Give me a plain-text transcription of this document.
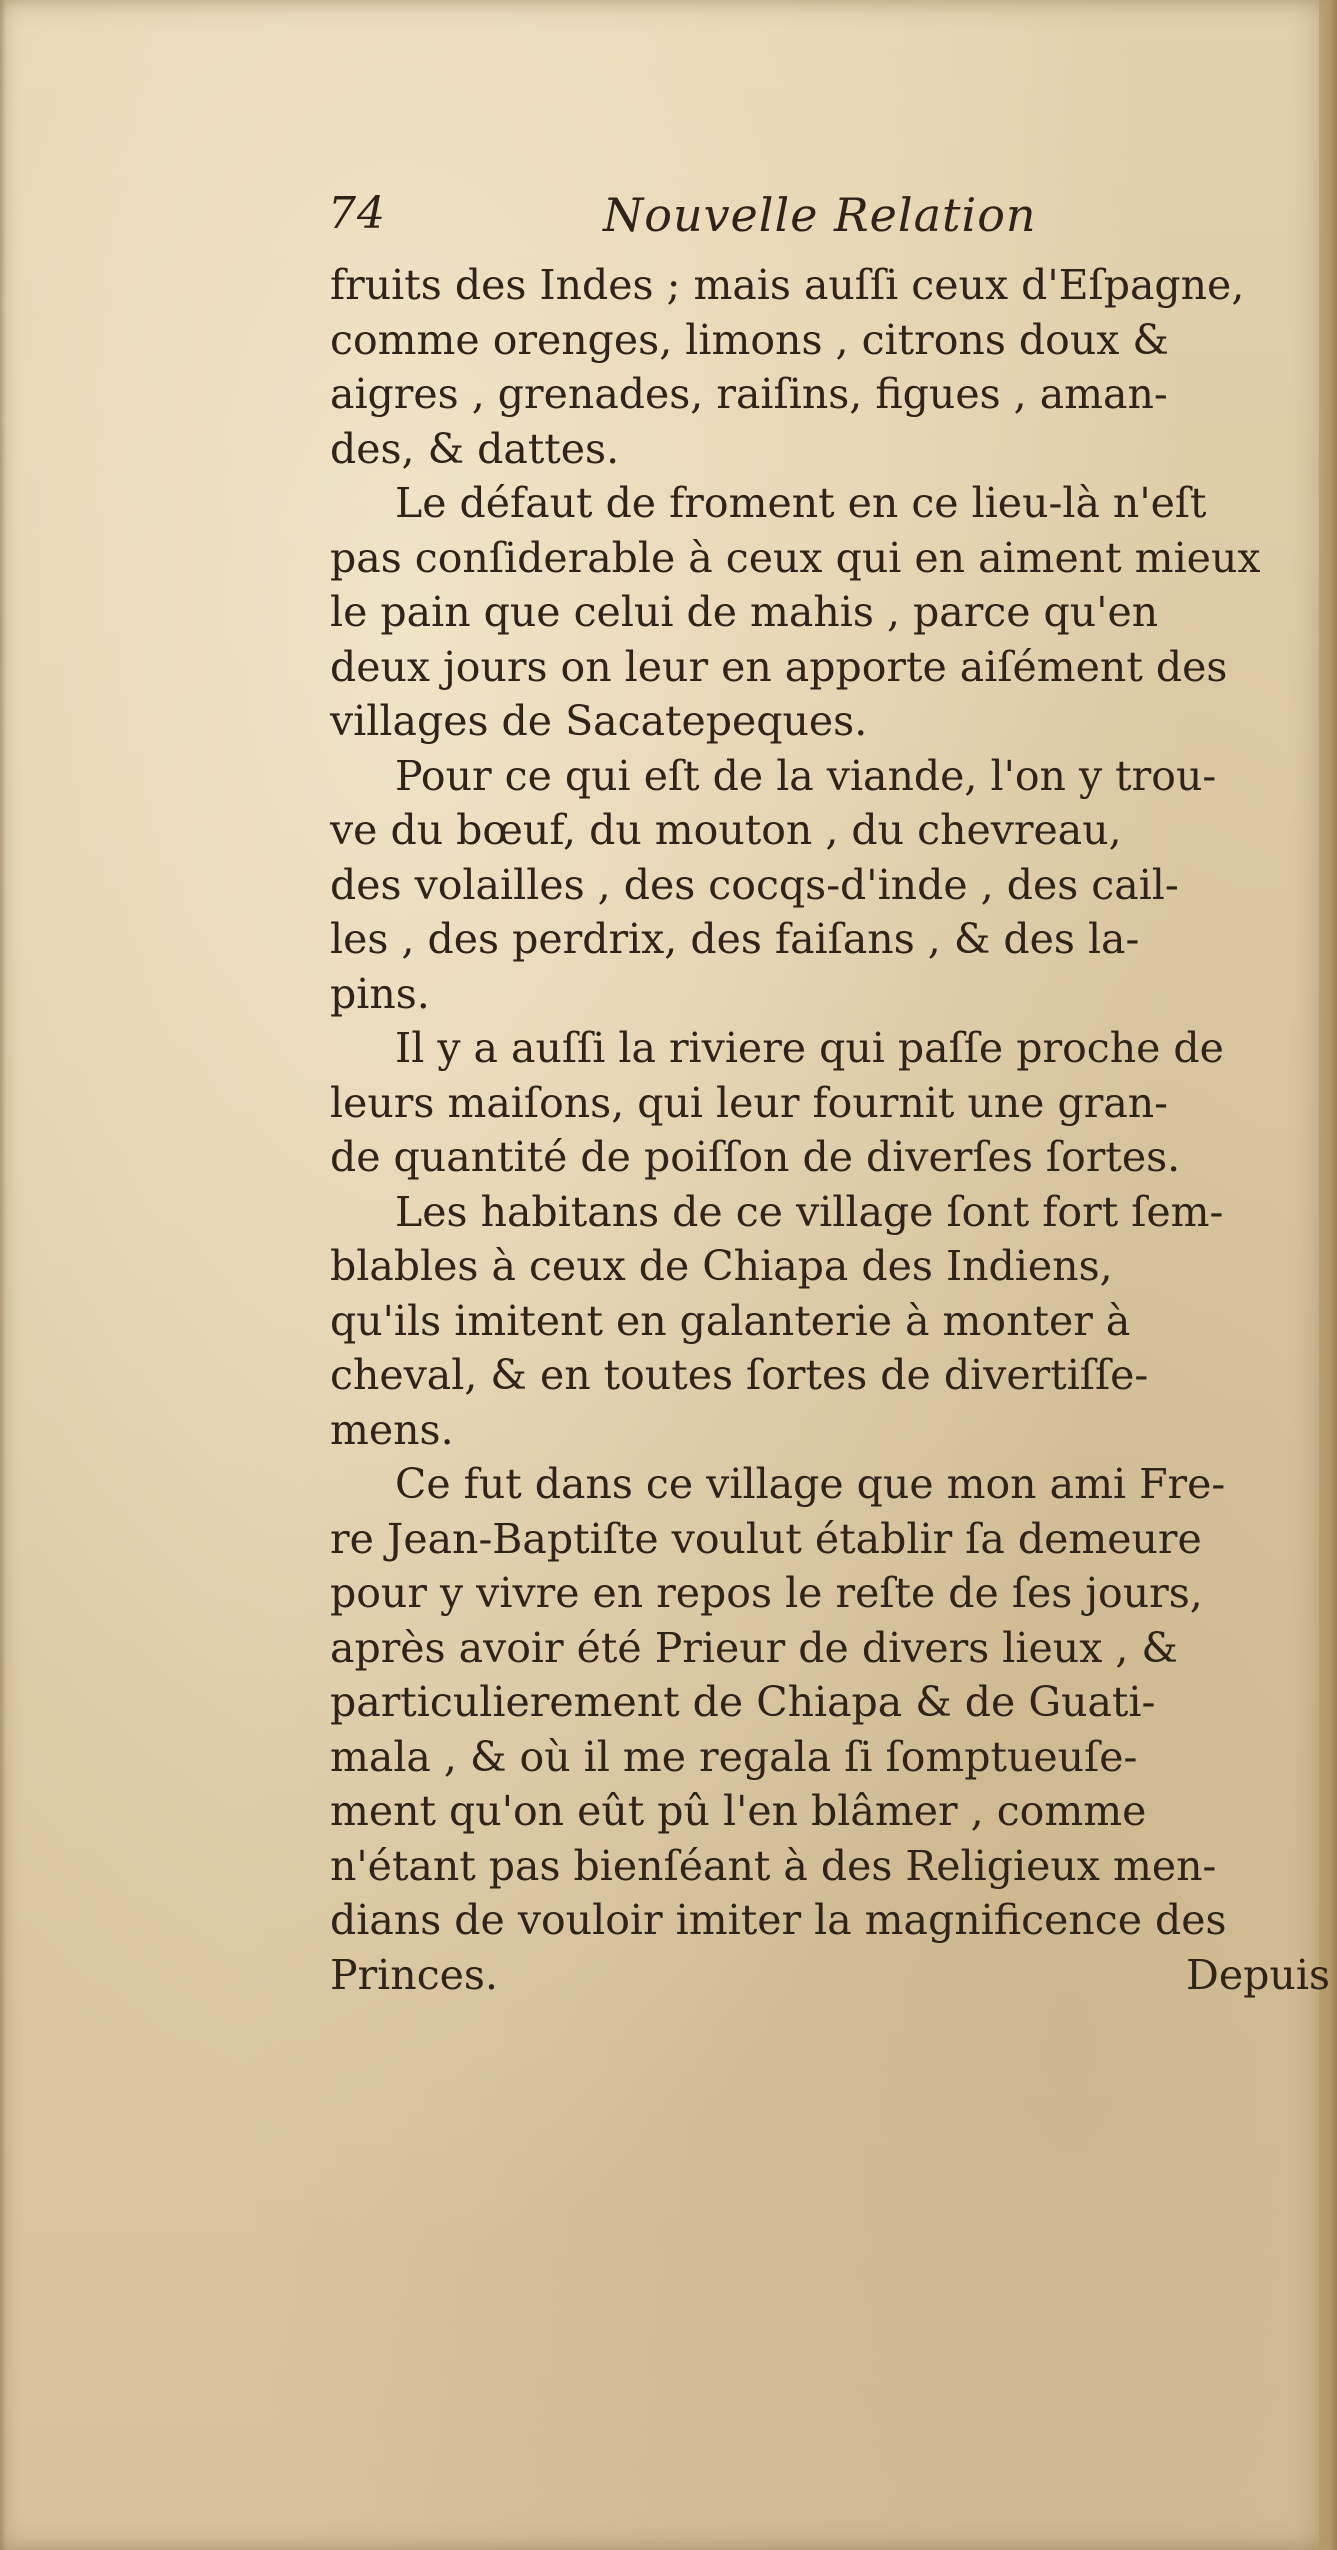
74	Nouvelle Relation
fruits des Indes ; mais auſſi ceux d'Eſpagne,
comme orenges, limons , citrons doux &
aigres , grenades, raiſins, figues , aman-
des, & dattes.
Le défaut de froment en ce lieu-là n'eſt
pas conſiderable à ceux qui en aiment mieux
le pain que celui de mahis , parce qu'en
deux jours on leur en apporte aiſément des
villages de Sacatepeques.
Pour ce qui eſt de la viande, l'on y trou-
ve du bœuf, du mouton , du chevreau,
des volailles , des cocqs-d'inde , des cail-
les , des perdrix, des faiſans , & des la-
pins.
Il y a auſſi la riviere qui paſſe proche de
leurs maiſons, qui leur fournit une gran-
de quantité de poiſſon de diverſes ſortes.
Les habitans de ce village ſont fort ſem-
blables à ceux de Chiapa des Indiens,
qu'ils imitent en galanterie à monter à
cheval, & en toutes ſortes de divertiſſe-
mens.
Ce fut dans ce village que mon ami Fre-
re Jean-Baptiſte voulut établir ſa demeure
pour y vivre en repos le reſte de ſes jours,
après avoir été Prieur de divers lieux , &
particulierement de Chiapa & de Guati-
mala , & où il me regala ſi ſomptueuſe-
ment qu'on eût pû l'en blâmer , comme
n'étant pas bienſéant à des Religieux men-
dians de vouloir imiter la magnificence des
Princes.	Depuis
